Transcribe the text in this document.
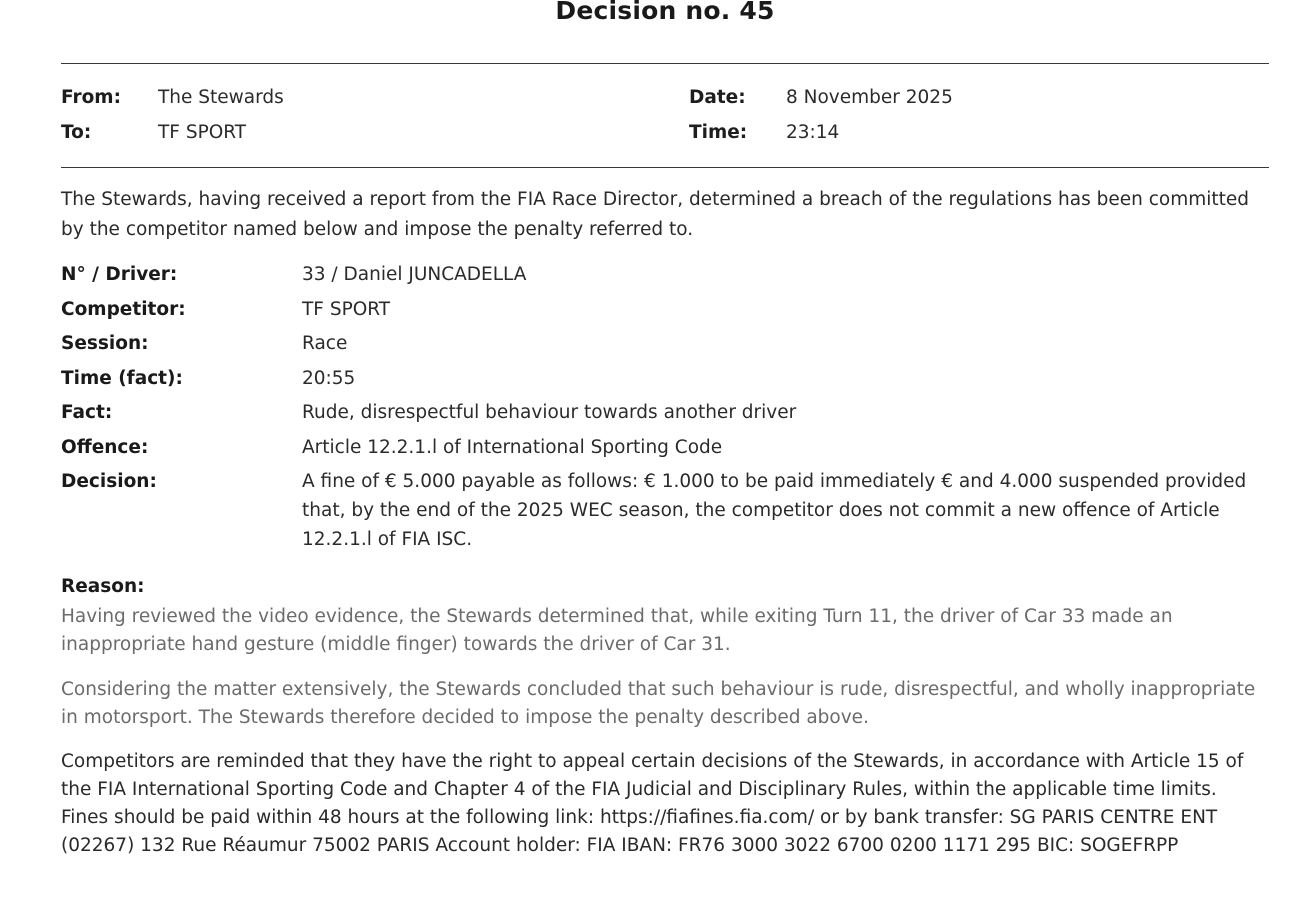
Decision no. 45
From: The Stewards
To:	TF SPORT
Date: 8 November 2025
Time: 23:14
The Stewards, having received a report from the FIA Race Director, determined a breach of the regulations has been committed by the competitor named below and impose the penalty referred to.
N° / Driver:	33 / Daniel JUNCADELLA
Competitor:	TF SPORT
Session:	Race
Time (fact):	20:55
Fact:	Rude, disrespectful behaviour towards another driver
Offence:	Article 12.2.1.l of International Sporting Code
Decision:	A fine of € 5.000 payable as follows: € 1.000 to be paid immediately € and 4.000 suspended provided that, by the end of the 2025 WEC season, the competitor does not commit a new offence of Article 12.2.1.l of FIA ISC.
Reason:
Having reviewed the video evidence, the Stewards determined that, while exiting Turn 11, the driver of Car 33 made an inappropriate hand gesture (middle finger) towards the driver of Car 31.
Considering the matter extensively, the Stewards concluded that such behaviour is rude, disrespectful, and wholly inappropriate in motorsport. The Stewards therefore decided to impose the penalty described above.
Competitors are reminded that they have the right to appeal certain decisions of the Stewards, in accordance with Article 15 of the FIA International Sporting Code and Chapter 4 of the FIA Judicial and Disciplinary Rules, within the applicable time limits. Fines should be paid within 48 hours at the following link: https://fiafines.fia.com/ or by bank transfer: SG PARIS CENTRE ENT (02267) 132 Rue Réaumur 75002 PARIS Account holder: FIA IBAN: FR76 3000 3022 6700 0200 1171 295 BIC: SOGEFRPP
